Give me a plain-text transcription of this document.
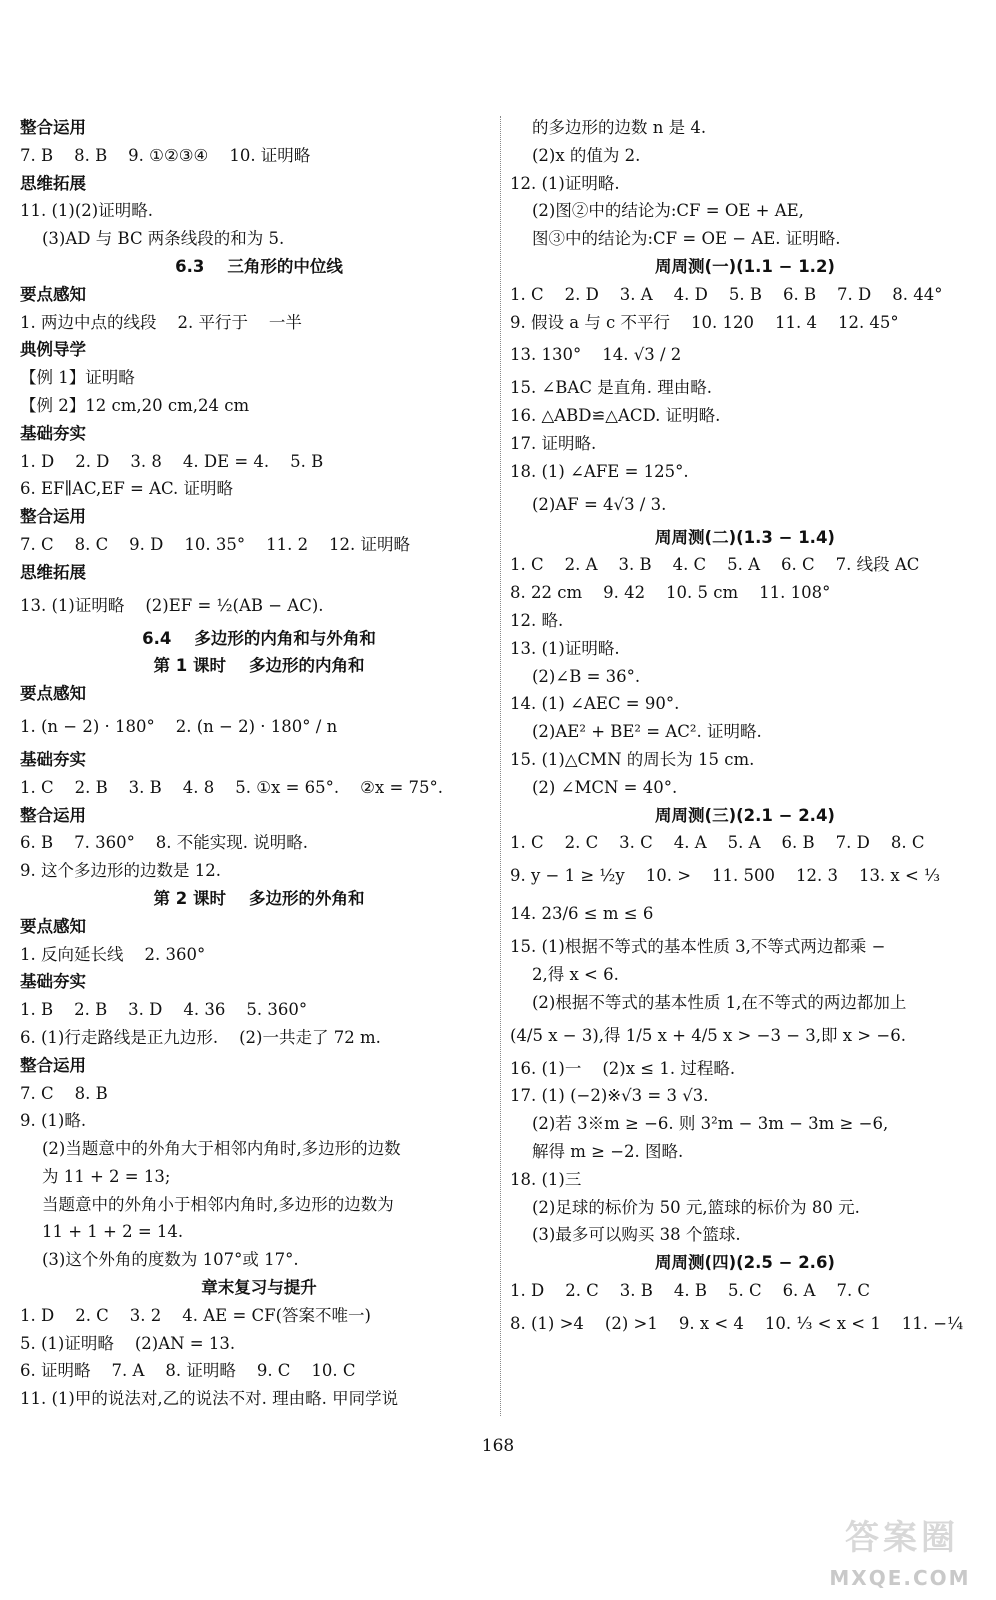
整合运用
7. B    8. B    9. ①②③④    10. 证明略
思维拓展
11. (1)(2)证明略.
(3)AD 与 BC 两条线段的和为 5.
6.3    三角形的中位线
要点感知
1. 两边中点的线段    2. 平行于    一半
典例导学
【例 1】证明略
【例 2】12 cm,20 cm,24 cm
基础夯实
1. D    2. D    3. 8    4. DE = 4.    5. B
6. EF∥AC,EF = AC. 证明略
整合运用
7. C    8. C    9. D    10. 35°    11. 2    12. 证明略
思维拓展
13. (1)证明略    (2)EF = ½(AB − AC).
6.4    多边形的内角和与外角和
第 1 课时    多边形的内角和
要点感知
1. (n − 2) · 180°    2. (n − 2) · 180° / n
基础夯实
1. C    2. B    3. B    4. 8    5. ①x = 65°.    ②x = 75°.
整合运用
6. B    7. 360°    8. 不能实现. 说明略.
9. 这个多边形的边数是 12.
第 2 课时    多边形的外角和
要点感知
1. 反向延长线    2. 360°
基础夯实
1. B    2. B    3. D    4. 36    5. 360°
6. (1)行走路线是正九边形.    (2)一共走了 72 m.
整合运用
7. C    8. B
9. (1)略.
(2)当题意中的外角大于相邻内角时,多边形的边数
为 11 + 2 = 13;
当题意中的外角小于相邻内角时,多边形的边数为
11 + 1 + 2 = 14.
(3)这个外角的度数为 107°或 17°.
章末复习与提升
1. D    2. C    3. 2    4. AE = CF(答案不唯一)
5. (1)证明略    (2)AN = 13.
6. 证明略    7. A    8. 证明略    9. C    10. C
11. (1)甲的说法对,乙的说法不对. 理由略. 甲同学说
的多边形的边数 n 是 4.
(2)x 的值为 2.
12. (1)证明略.
(2)图②中的结论为:CF = OE + AE,
图③中的结论为:CF = OE − AE. 证明略.
周周测(一)(1.1 − 1.2)
1. C    2. D    3. A    4. D    5. B    6. B    7. D    8. 44°
9. 假设 a 与 c 不平行    10. 120    11. 4    12. 45°
13. 130°    14. √3 / 2
15. ∠BAC 是直角. 理由略.
16. △ABD≌△ACD. 证明略.
17. 证明略.
18. (1) ∠AFE = 125°.
(2)AF = 4√3 / 3.
周周测(二)(1.3 − 1.4)
1. C    2. A    3. B    4. C    5. A    6. C    7. 线段 AC
8. 22 cm    9. 42    10. 5 cm    11. 108°
12. 略.
13. (1)证明略.
(2)∠B = 36°.
14. (1) ∠AEC = 90°.
(2)AE² + BE² = AC². 证明略.
15. (1)△CMN 的周长为 15 cm.
(2) ∠MCN = 40°.
周周测(三)(2.1 − 2.4)
1. C    2. C    3. C    4. A    5. A    6. B    7. D    8. C
9. y − 1 ≥ ½y    10. >    11. 500    12. 3    13. x < ⅓
14. 23/6 ≤ m ≤ 6
15. (1)根据不等式的基本性质 3,不等式两边都乘 −
2,得 x < 6.
(2)根据不等式的基本性质 1,在不等式的两边都加上
(4/5 x − 3),得 1/5 x + 4/5 x > −3 − 3,即 x > −6.
16. (1)一    (2)x ≤ 1. 过程略.
17. (1) (−2)※√3 = 3 √3.
(2)若 3※m ≥ −6. 则 3²m − 3m − 3m ≥ −6,
解得 m ≥ −2. 图略.
18. (1)三
(2)足球的标价为 50 元,篮球的标价为 80 元.
(3)最多可以购买 38 个篮球.
周周测(四)(2.5 − 2.6)
1. D    2. C    3. B    4. B    5. C    6. A    7. C
8. (1) >4    (2) >1    9. x < 4    10. ⅓ < x < 1    11. −¼
168
答案圈
MXQE.COM
